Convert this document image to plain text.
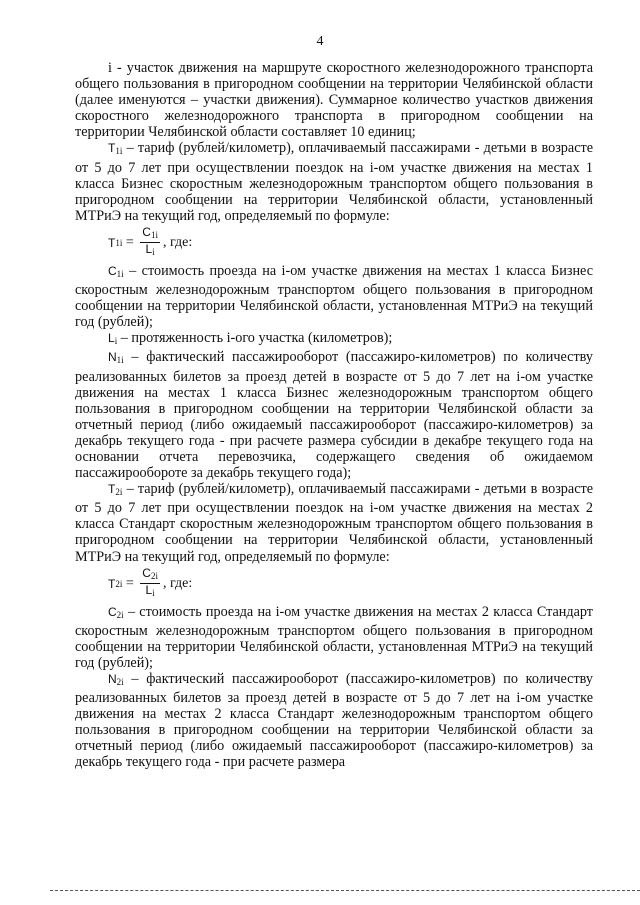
4

i - участок движения на маршруте скоростного железнодорожного транспорта общего пользования в пригородном сообщении на территории Челябинской области (далее именуются – участки движения). Суммарное количество участков движения скоростного железнодорожного транспорта в пригородном сообщении на территории Челябинской области составляет 10 единиц;

$T_{1i}$ – тариф (рублей/километр), оплачиваемый пассажирами - детьми в возрасте от 5 до 7 лет при осуществлении поездок на i-ом участке движения на местах 1 класса Бизнес скоростным железнодорожным транспортом общего пользования в пригородном сообщении на территории Челябинской области, установленный МТРиЭ на текущий год, определяемый по формуле:

T $1i = \frac{C_{1i}}{L_i}$ , где:

$C_{1i}$ – стоимость проезда на i-ом участке движения на местах 1 класса Бизнес скоростным железнодорожным транспортом общего пользования в пригородном сообщении на территории Челябинской области, установленная МТРиЭ на текущий год (рублей);

$L_i$ – протяженность i-ого участка (километров);

$N_{1i}$ – фактический пассажирооборот (пассажиро-километров) по количеству реализованных билетов за проезд детей в возрасте от 5 до 7 лет на i-ом участке движения на местах 1 класса Бизнес железнодорожным транспортом общего пользования в пригородном сообщении на территории Челябинской области за отчетный период (либо ожидаемый пассажирооборот (пассажиро-километров) за декабрь текущего года - при расчете размера субсидии в декабре текущего года на основании отчета перевозчика, содержащего сведения об ожидаемом пассажирообороте за декабрь текущего года);

$T_{2i}$ – тариф (рублей/километр), оплачиваемый пассажирами - детьми в возрасте от 5 до 7 лет при осуществлении поездок на i-ом участке движения на местах 2 класса Стандарт скоростным железнодорожным транспортом общего пользования в пригородном сообщении на территории Челябинской области, установленный МТРиЭ на текущий год, определяемый по формуле:

T $2i = \frac{C_{2i}}{L_i}$ , где:

$C_{2i}$ – стоимость проезда на i-ом участке движения на местах 2 класса Стандарт скоростным железнодорожным транспортом общего пользования в пригородном сообщении на территории Челябинской области, установленная МТРиЭ на текущий год (рублей);

$N_{2i}$ – фактический пассажирооборот (пассажиро-километров) по количеству реализованных билетов за проезд детей в возрасте от 5 до 7 лет на i-ом участке движения на местах 2 класса Стандарт железнодорожным транспортом общего пользования в пригородном сообщении на территории Челябинской области за отчетный период (либо ожидаемый пассажирооборот (пассажиро-километров) за декабрь текущего года - при расчете размера
